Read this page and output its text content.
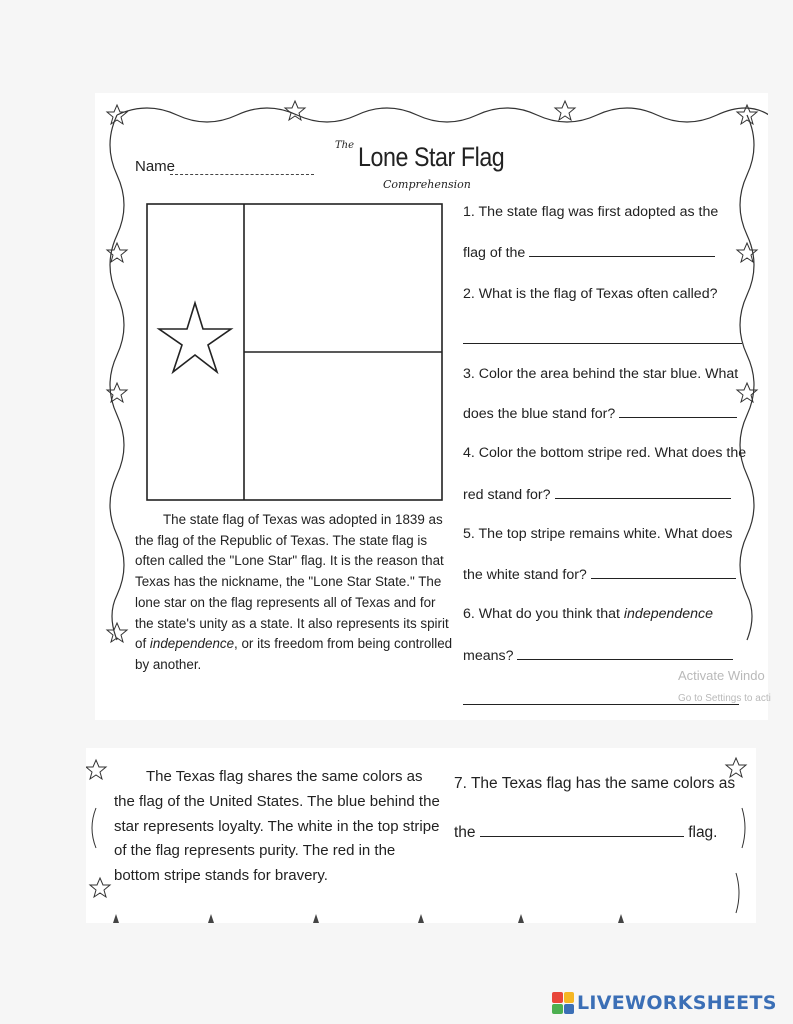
Name
The Lone Star Flag
Comprehension
The state flag of Texas was adopted in 1839 as the flag of the Republic of Texas. The state flag is often called the "Lone Star" flag. It is the reason that Texas has the nickname, the "Lone Star State." The lone star on the flag represents all of Texas and for the state's unity as a state. It also represents its spirit of independence, or its freedom from being controlled by another.
1. The state flag was first adopted as the
flag of the
2. What is the flag of Texas often called?
3. Color the area behind the star blue. What
does the blue stand for?
4. Color the bottom stripe red. What does the
red stand for?
5. The top stripe remains white. What does
the white stand for?
6. What do you think that independence
means?
Activate Windo
Go to Settings to acti
The Texas flag shares the same colors as the flag of the United States. The blue behind the star represents loyalty. The white in the top stripe of the flag represents purity. The red in the bottom stripe stands for bravery.
7. The Texas flag has the same colors as
the	flag.
LIVEWORKSHEETS
